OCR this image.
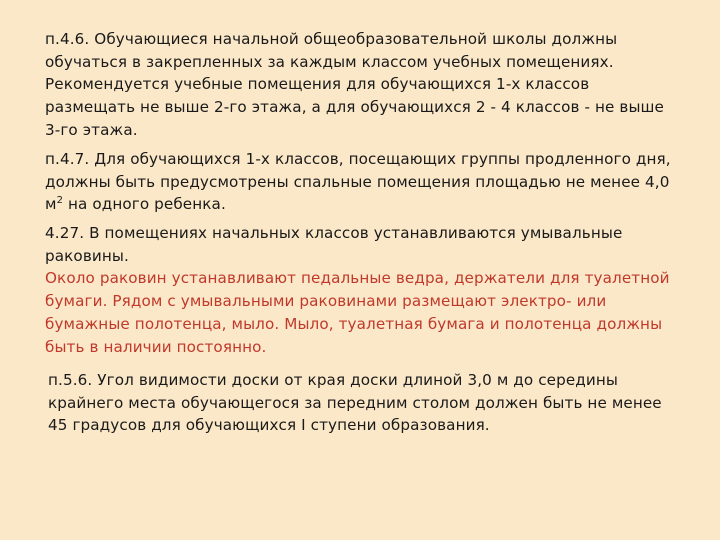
п.4.6. Обучающиеся начальной общеобразовательной школы должны
обучаться в закрепленных за каждым классом учебных помещениях.
Рекомендуется учебные помещения для обучающихся 1-х классов
размещать не выше 2-го этажа, а для обучающихся 2 - 4 классов - не выше
3-го этажа.
п.4.7. Для обучающихся 1-х классов, посещающих группы продленного дня,
должны быть предусмотрены спальные помещения площадью не менее 4,0
$м^2$ на одного ребенка.
4.27. В помещениях начальных классов устанавливаются умывальные
раковины.
Около раковин устанавливают педальные ведра, держатели для туалетной
бумаги. Рядом с умывальными раковинами размещают электро- или
бумажные полотенца, мыло. Мыло, туалетная бумага и полотенца должны
быть в наличии постоянно.
п.5.6. Угол видимости доски от края доски длиной 3,0 м до середины
крайнего места обучающегося за передним столом должен быть не менее
45 градусов для обучающихся I ступени образования.
